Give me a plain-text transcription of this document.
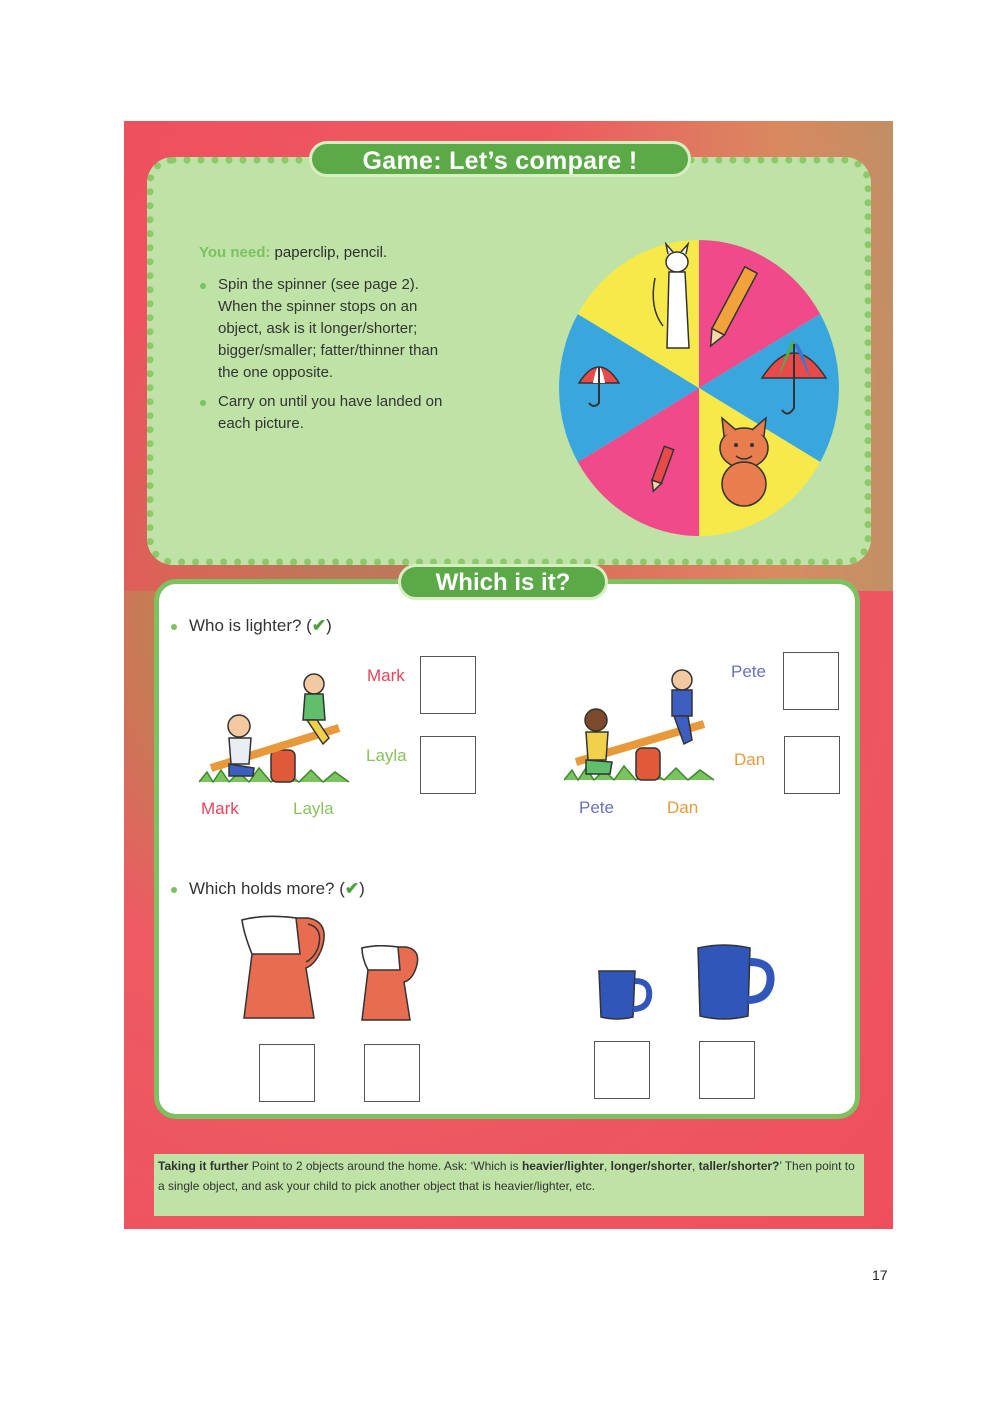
You need: paperclip, pencil.
Spin the spinner (see page 2). When the spinner stops on an object, ask is it longer/shorter; bigger/smaller; fatter/thinner than the one opposite.
Carry on until you have landed on each picture.
Game: Let’s compare !
Who is lighter? (✔)
Mark	Layla
Mark
Layla
Pete	Dan
Pete
Dan
Which holds more? (✔)
Which is it?
Taking it further Point to 2 objects around the home. Ask: ‘Which is heavier/lighter, longer/shorter, taller/shorter?’ Then point to a single object, and ask your child to pick another object that is heavier/lighter, etc.
17
